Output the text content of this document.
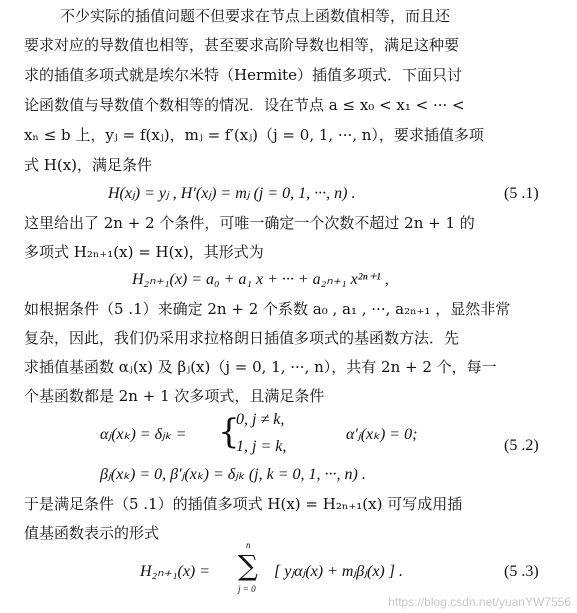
不少实际的插值问题不但要求在节点上函数值相等，而且还
要求对应的导数值也相等，甚至要求高阶导数也相等，满足这种要
求的插值多项式就是埃尔米特（Hermite）插值多项式．下面只讨
论函数值与导数值个数相等的情况．设在节点 a ≤ x₀ < x₁ < ··· <
xₙ ≤ b 上，yⱼ = f(xⱼ)，mⱼ = f′(xⱼ)（j = 0, 1, ···, n），要求插值多项
式 H(x)，满足条件
H(xⱼ) = yⱼ , H′(xⱼ) = mⱼ (j = 0, 1, ···, n) .	(5 .1)
这里给出了 2n + 2 个条件，可唯一确定一个次数不超过 2n + 1 的
多项式 H₂ₙ₊₁(x) = H(x)，其形式为
H₂ₙ₊₁(x) = a₀ + a₁ x + ··· + a₂ₙ₊₁ x²ⁿ⁺¹ ,
如根据条件（5 .1）来确定 2n + 2 个系数 a₀ , a₁ , ···, a₂ₙ₊₁ ，显然非常
复杂，因此，我们仍采用求拉格朗日插值多项式的基函数方法．先
求插值基函数 αⱼ(x) 及 βⱼ(x)（j = 0, 1, ···, n），共有 2n + 2 个，每一
个基函数都是 2n + 1 次多项式，且满足条件
αⱼ(xₖ) = δⱼₖ = {
0, j ≠ k,
1, j = k,
α′ⱼ(xₖ) = 0;
(5 .2)
βⱼ(xₖ) = 0, β′ⱼ(xₖ) = δⱼₖ (j, k = 0, 1, ···, n) .
于是满足条件（5 .1）的插值多项式 H(x) = H₂ₙ₊₁(x) 可写成用插
值基函数表示的形式
H₂ₙ₊₁(x) =
n
∑
j = 0
[ yⱼαⱼ(x) + mⱼβⱼ(x) ] .	(5 .3)
https://blog.csdn.net/yuanYW7556
